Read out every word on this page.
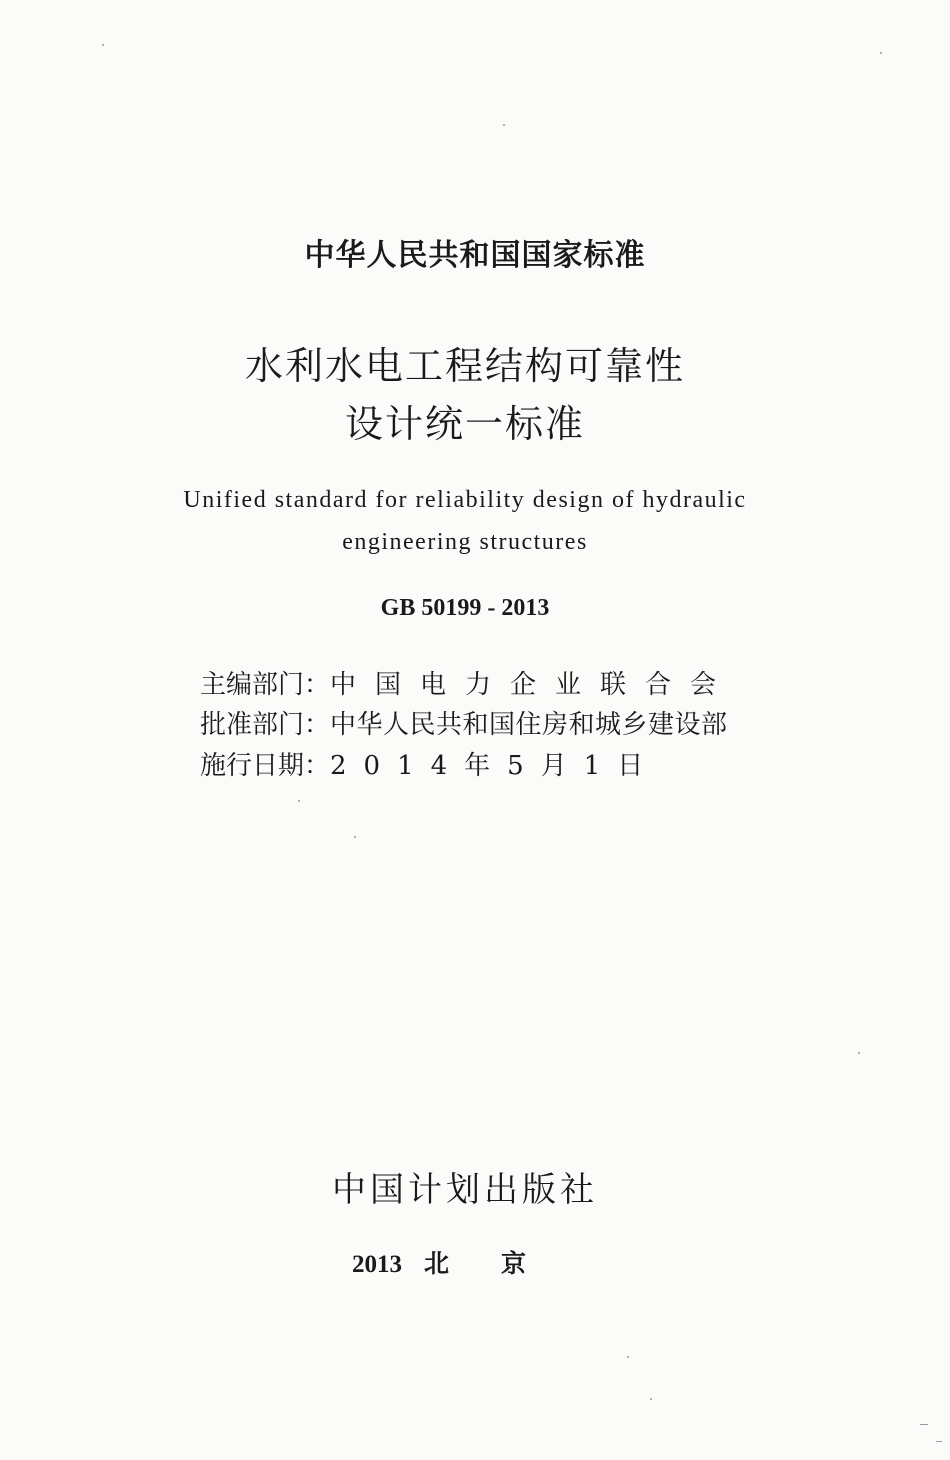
中华人民共和国国家标准
水利水电工程结构可靠性
设计统一标准
Unified standard for reliability design of hydraulic
engineering structures
GB 50199 - 2013
主编部门：中国电力企业联合会
批准部门：中华人民共和国住房和城乡建设部
施行日期：2014年5月1日
中国计划出版社
2013 北京
